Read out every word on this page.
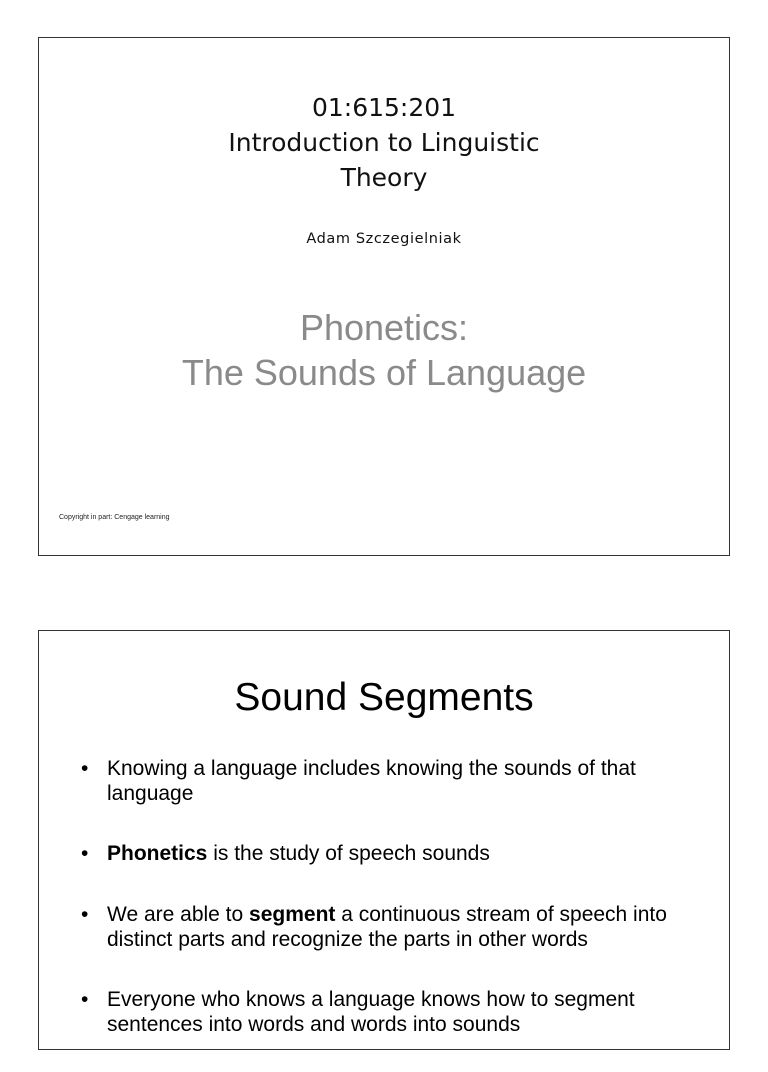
01:615:201
Introduction to Linguistic
Theory
Adam Szczegielniak
Phonetics:
The Sounds of Language
Copyright in part: Cengage learning
Sound Segments
• Knowing a language includes knowing the sounds of that language
• Phonetics is the study of speech sounds
• We are able to segment a continuous stream of speech into distinct parts and recognize the parts in other words
• Everyone who knows a language knows how to segment sentences into words and words into sounds
